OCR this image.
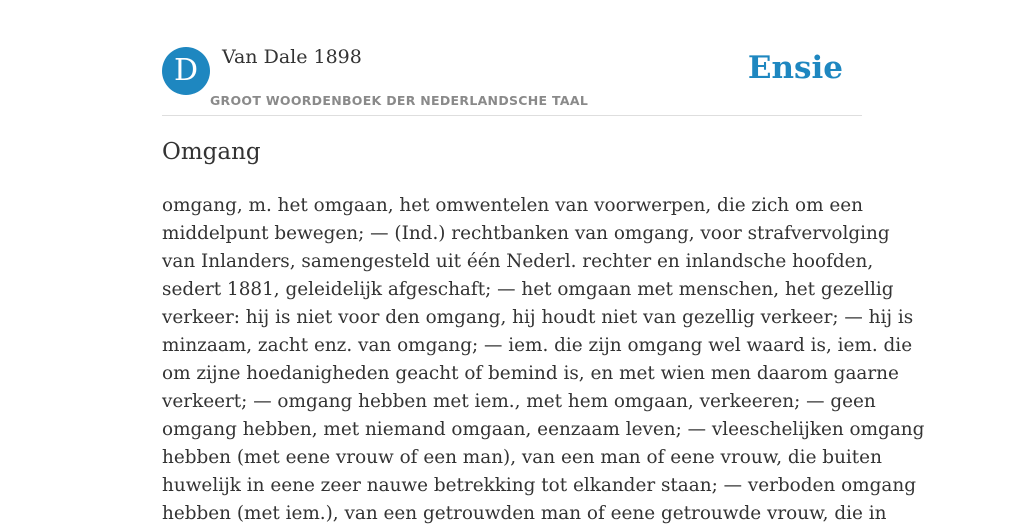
D	Van Dale 1898
GROOT WOORDENBOEK DER NEDERLANDSCHE TAAL
Ensie
Omgang

omgang, m. het omgaan, het omwentelen van voorwerpen, die zich om een
middelpunt bewegen; — (Ind.) rechtbanken van omgang, voor strafvervolging
van Inlanders, samengesteld uit één Nederl. rechter en inlandsche hoofden,
sedert 1881, geleidelijk afgeschaft; — het omgaan met menschen, het gezellig
verkeer: hij is niet voor den omgang, hij houdt niet van gezellig verkeer; — hij is
minzaam, zacht enz. van omgang; — iem. die zijn omgang wel waard is, iem. die
om zijne hoedanigheden geacht of bemind is, en met wien men daarom gaarne
verkeert; — omgang hebben met iem., met hem omgaan, verkeeren; — geen
omgang hebben, met niemand omgaan, eenzaam leven; — vleeschelijken omgang
hebben (met eene vrouw of een man), van een man of eene vrouw, die buiten
huwelijk in eene zeer nauwe betrekking tot elkander staan; — verboden omgang
hebben (met iem.), van een getrouwden man of eene getrouwde vrouw, die in
